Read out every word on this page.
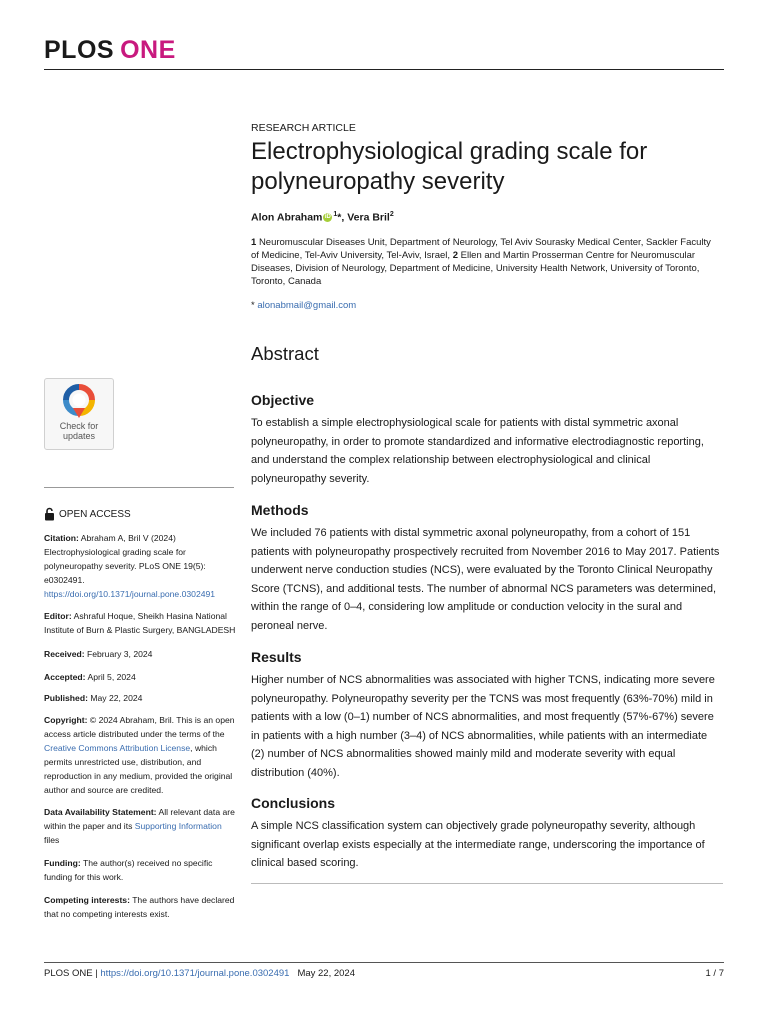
PLOS ONE
RESEARCH ARTICLE
Electrophysiological grading scale for polyneuropathy severity
Alon Abraham iD $^1$*, Vera Bril$^2$
1 Neuromuscular Diseases Unit, Department of Neurology, Tel Aviv Sourasky Medical Center, Sackler Faculty of Medicine, Tel-Aviv University, Tel-Aviv, Israel, 2 Ellen and Martin Prosserman Centre for Neuromuscular Diseases, Division of Neurology, Department of Medicine, University Health Network, University of Toronto, Toronto, Canada
* alonabmail@gmail.com
Abstract
Objective

To establish a simple electrophysiological scale for patients with distal symmetric axonal polyneuropathy, in order to promote standardized and informative electrodiagnostic reporting, and understand the complex relationship between electrophysiological and clinical polyneuropathy severity.

Methods

We included 76 patients with distal symmetric axonal polyneuropathy, from a cohort of 151 patients with polyneuropathy prospectively recruited from November 2016 to May 2017. Patients underwent nerve conduction studies (NCS), were evaluated by the Toronto Clinical Neuropathy Score (TCNS), and additional tests. The number of abnormal NCS parameters was determined, within the range of 0–4, considering low amplitude or conduction velocity in the sural and peroneal nerve.

Results

Higher number of NCS abnormalities was associated with higher TCNS, indicating more severe polyneuropathy. Polyneuropathy severity per the TCNS was most frequently (63%-70%) mild in patients with a low (0–1) number of NCS abnormalities, and most frequently (57%-67%) severe in patients with a high number (3–4) of NCS abnormalities, while patients with an intermediate (2) number of NCS abnormalities showed mainly mild and moderate severity with equal distribution (40%).

Conclusions

A simple NCS classification system can objectively grade polyneuropathy severity, although significant overlap exists especially at the intermediate range, underscoring the importance of clinical based scoring.

Check for
updates
OPEN ACCESS

Citation: Abraham A, Bril V (2024) Electrophysiological grading scale for polyneuropathy severity. PLoS ONE 19(5): e0302491. https://doi.org/10.1371/journal.pone.0302491

Editor: Ashraful Hoque, Sheikh Hasina National Institute of Burn & Plastic Surgery, BANGLADESH

Received: February 3, 2024

Accepted: April 5, 2024

Published: May 22, 2024

Copyright: © 2024 Abraham, Bril. This is an open access article distributed under the terms of the Creative Commons Attribution License, which permits unrestricted use, distribution, and reproduction in any medium, provided the original author and source are credited.

Data Availability Statement: All relevant data are within the paper and its Supporting Information files

Funding: The author(s) received no specific funding for this work.

Competing interests: The authors have declared that no competing interests exist.

PLOS ONE | https://doi.org/10.1371/journal.pone.0302491 May 22, 2024	1 / 7
